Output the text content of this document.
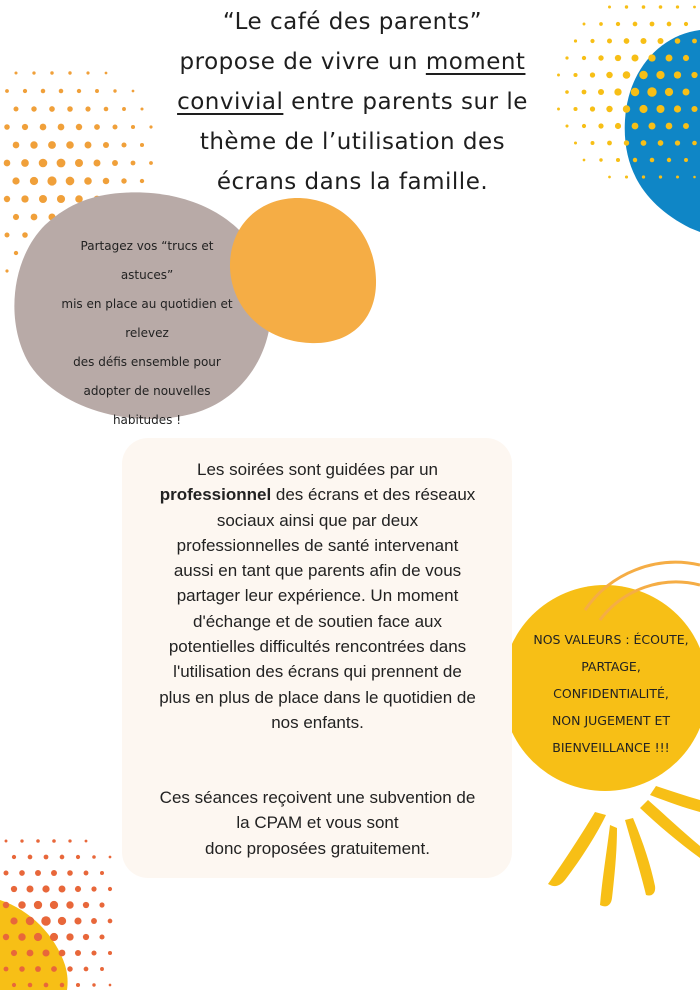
“Le café des parents”
propose de vivre un moment
convivial entre parents sur le
thème de l’utilisation des
écrans dans la famille.
Partagez vos “trucs et
astuces”
mis en place au quotidien et
relevez
des défis ensemble pour
adopter de nouvelles
habitudes !
Les soirées sont guidées par un
professionnel des écrans et des réseaux
sociaux ainsi que par deux
professionnelles de santé intervenant
aussi en tant que parents afin de vous
partager leur expérience. Un moment
d'échange et de soutien face aux
potentielles difficultés rencontrées dans
l'utilisation des écrans qui prennent de
plus en plus de place dans le quotidien de
nos enfants.
Ces séances reçoivent une subvention de
la CPAM et vous sont
donc proposées gratuitement.
NOS VALEURS : ÉCOUTE,
PARTAGE,
CONFIDENTIALITÉ,
NON JUGEMENT ET
BIENVEILLANCE !!!
